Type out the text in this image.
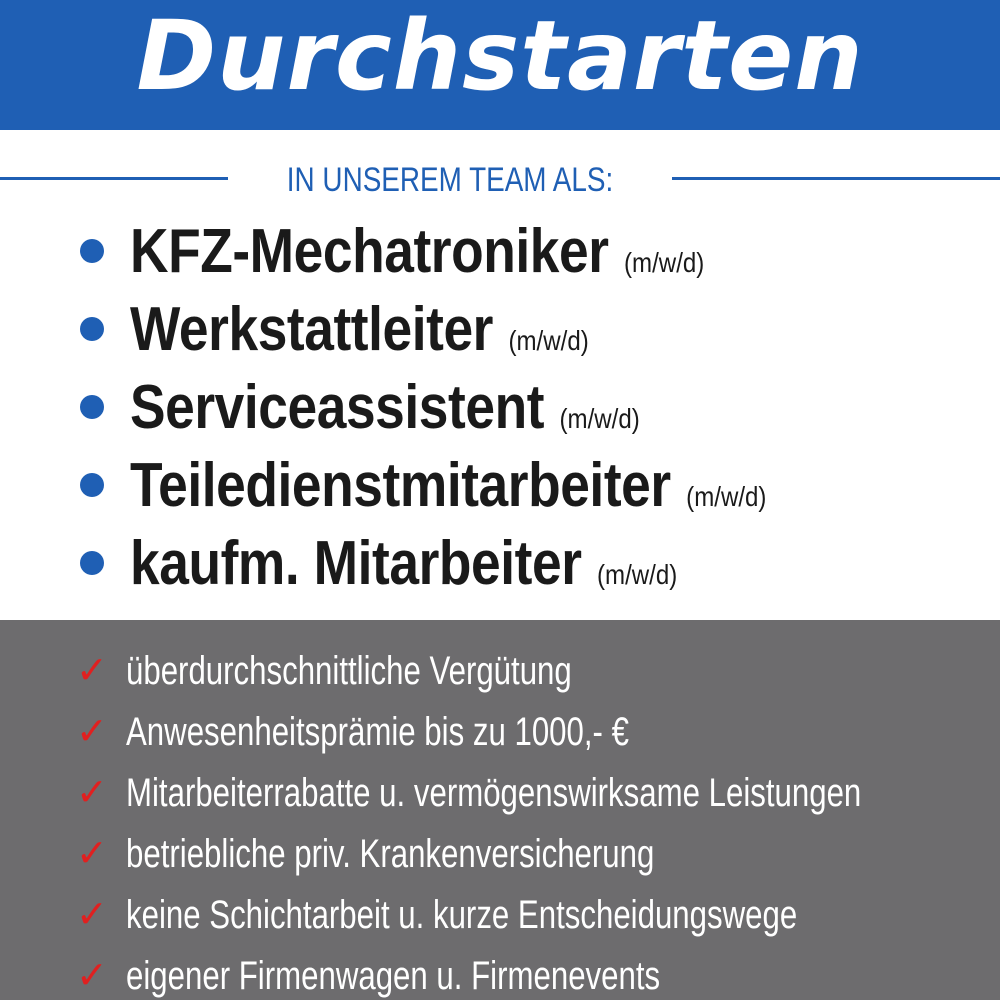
Durchstarten
IN UNSEREM TEAM ALS:
KFZ-Mechatroniker (m/w/d)
Werkstattleiter (m/w/d)
Serviceassistent (m/w/d)
Teiledienstmitarbeiter (m/w/d)
kaufm. Mitarbeiter (m/w/d)
✓ überdurchschnittliche Vergütung
✓ Anwesenheitsprämie bis zu 1000,- €
✓ Mitarbeiterrabatte u. vermögenswirksame Leistungen
✓ betriebliche priv. Krankenversicherung
✓ keine Schichtarbeit u. kurze Entscheidungswege
✓ eigener Firmenwagen u. Firmenevents
